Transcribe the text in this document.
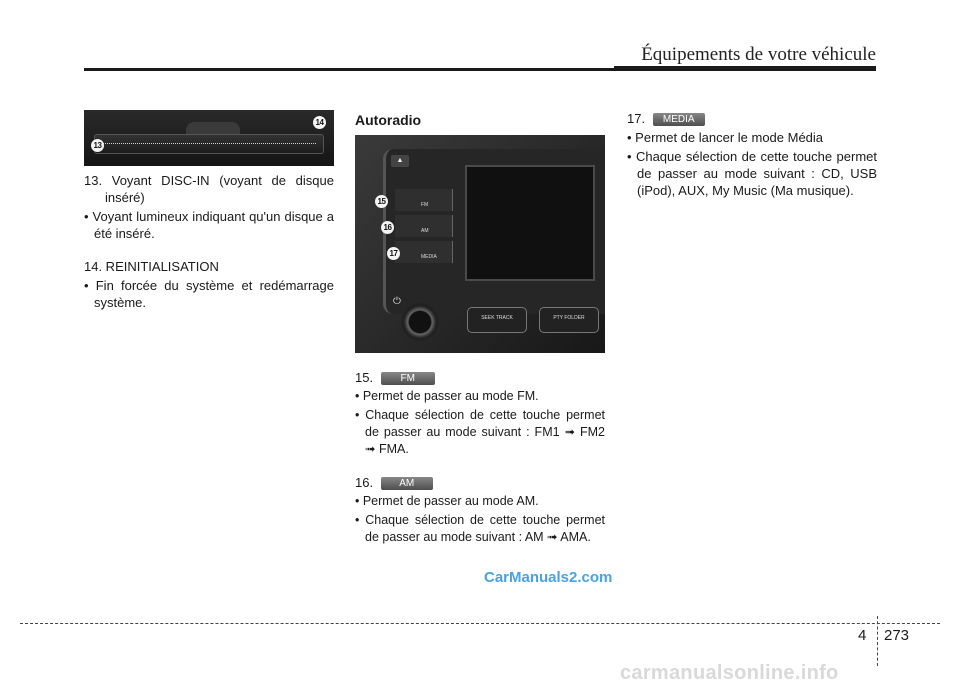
Équipements de votre véhicule
13
14
13. Voyant DISC-IN (voyant de disque inséré)
• Voyant lumineux indiquant qu'un disque a été inséré.
14. REINITIALISATION
• Fin forcée du système et redémarrage système.
Autoradio
▲
FM
AM
MEDIA
⏻
SEEK TRACK	PTY FOLDER
15
16
17
15.	FM
• Permet de passer au mode FM.
• Chaque sélection de cette touche permet de passer au mode suivant : FM1 ➟ FM2 ➟ FMA.
16.	AM
• Permet de passer au mode AM.
• Chaque sélection de cette touche permet de passer au mode suivant : AM ➟ AMA.
17. MEDIA
• Permet de lancer le mode Média
• Chaque sélection de cette touche permet de passer au mode suivant : CD, USB (iPod), AUX, My Music (Ma musique).
CarManuals2.com
4 273
carmanualsonline.info
